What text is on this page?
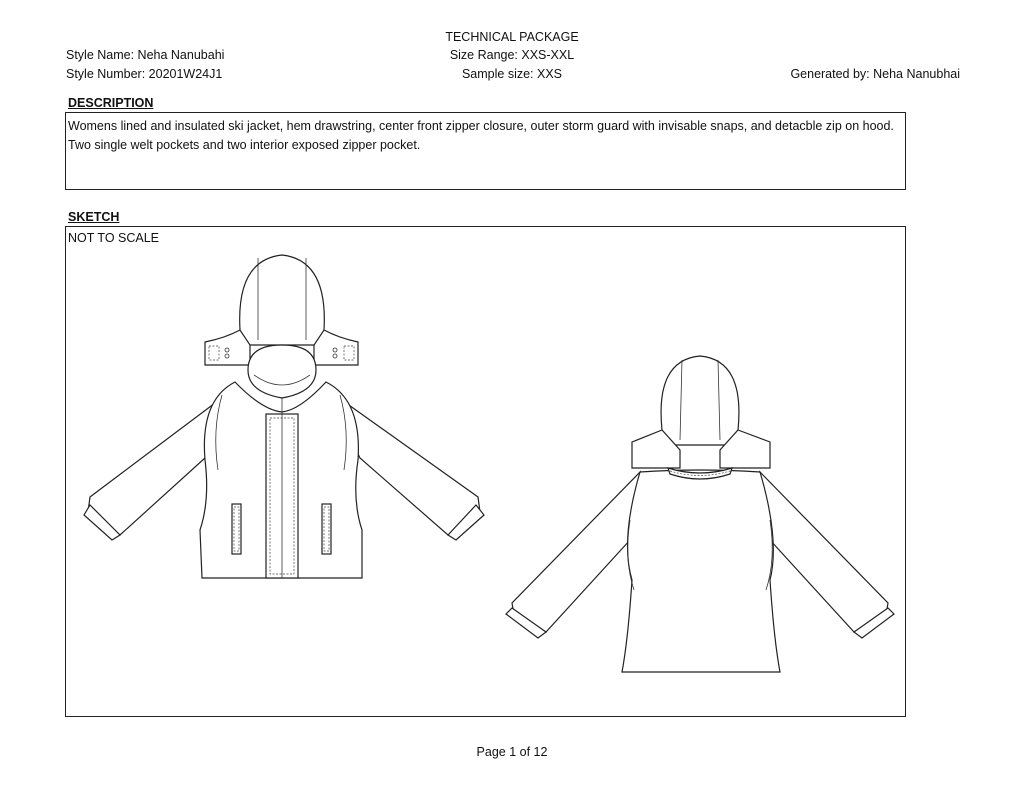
TECHNICAL PACKAGE
Style Name: Neha Nanubahi	Size Range: XXS-XXL
Style Number: 20201W24J1	Sample size: XXS	Generated by: Neha Nanubhai
DESCRIPTION
Womens lined and insulated ski jacket, hem drawstring, center front zipper closure, outer storm guard with invisable snaps, and detacble zip on hood. Two single welt pockets and two interior exposed zipper pocket.
SKETCH
NOT TO SCALE
Page 1 of 12
